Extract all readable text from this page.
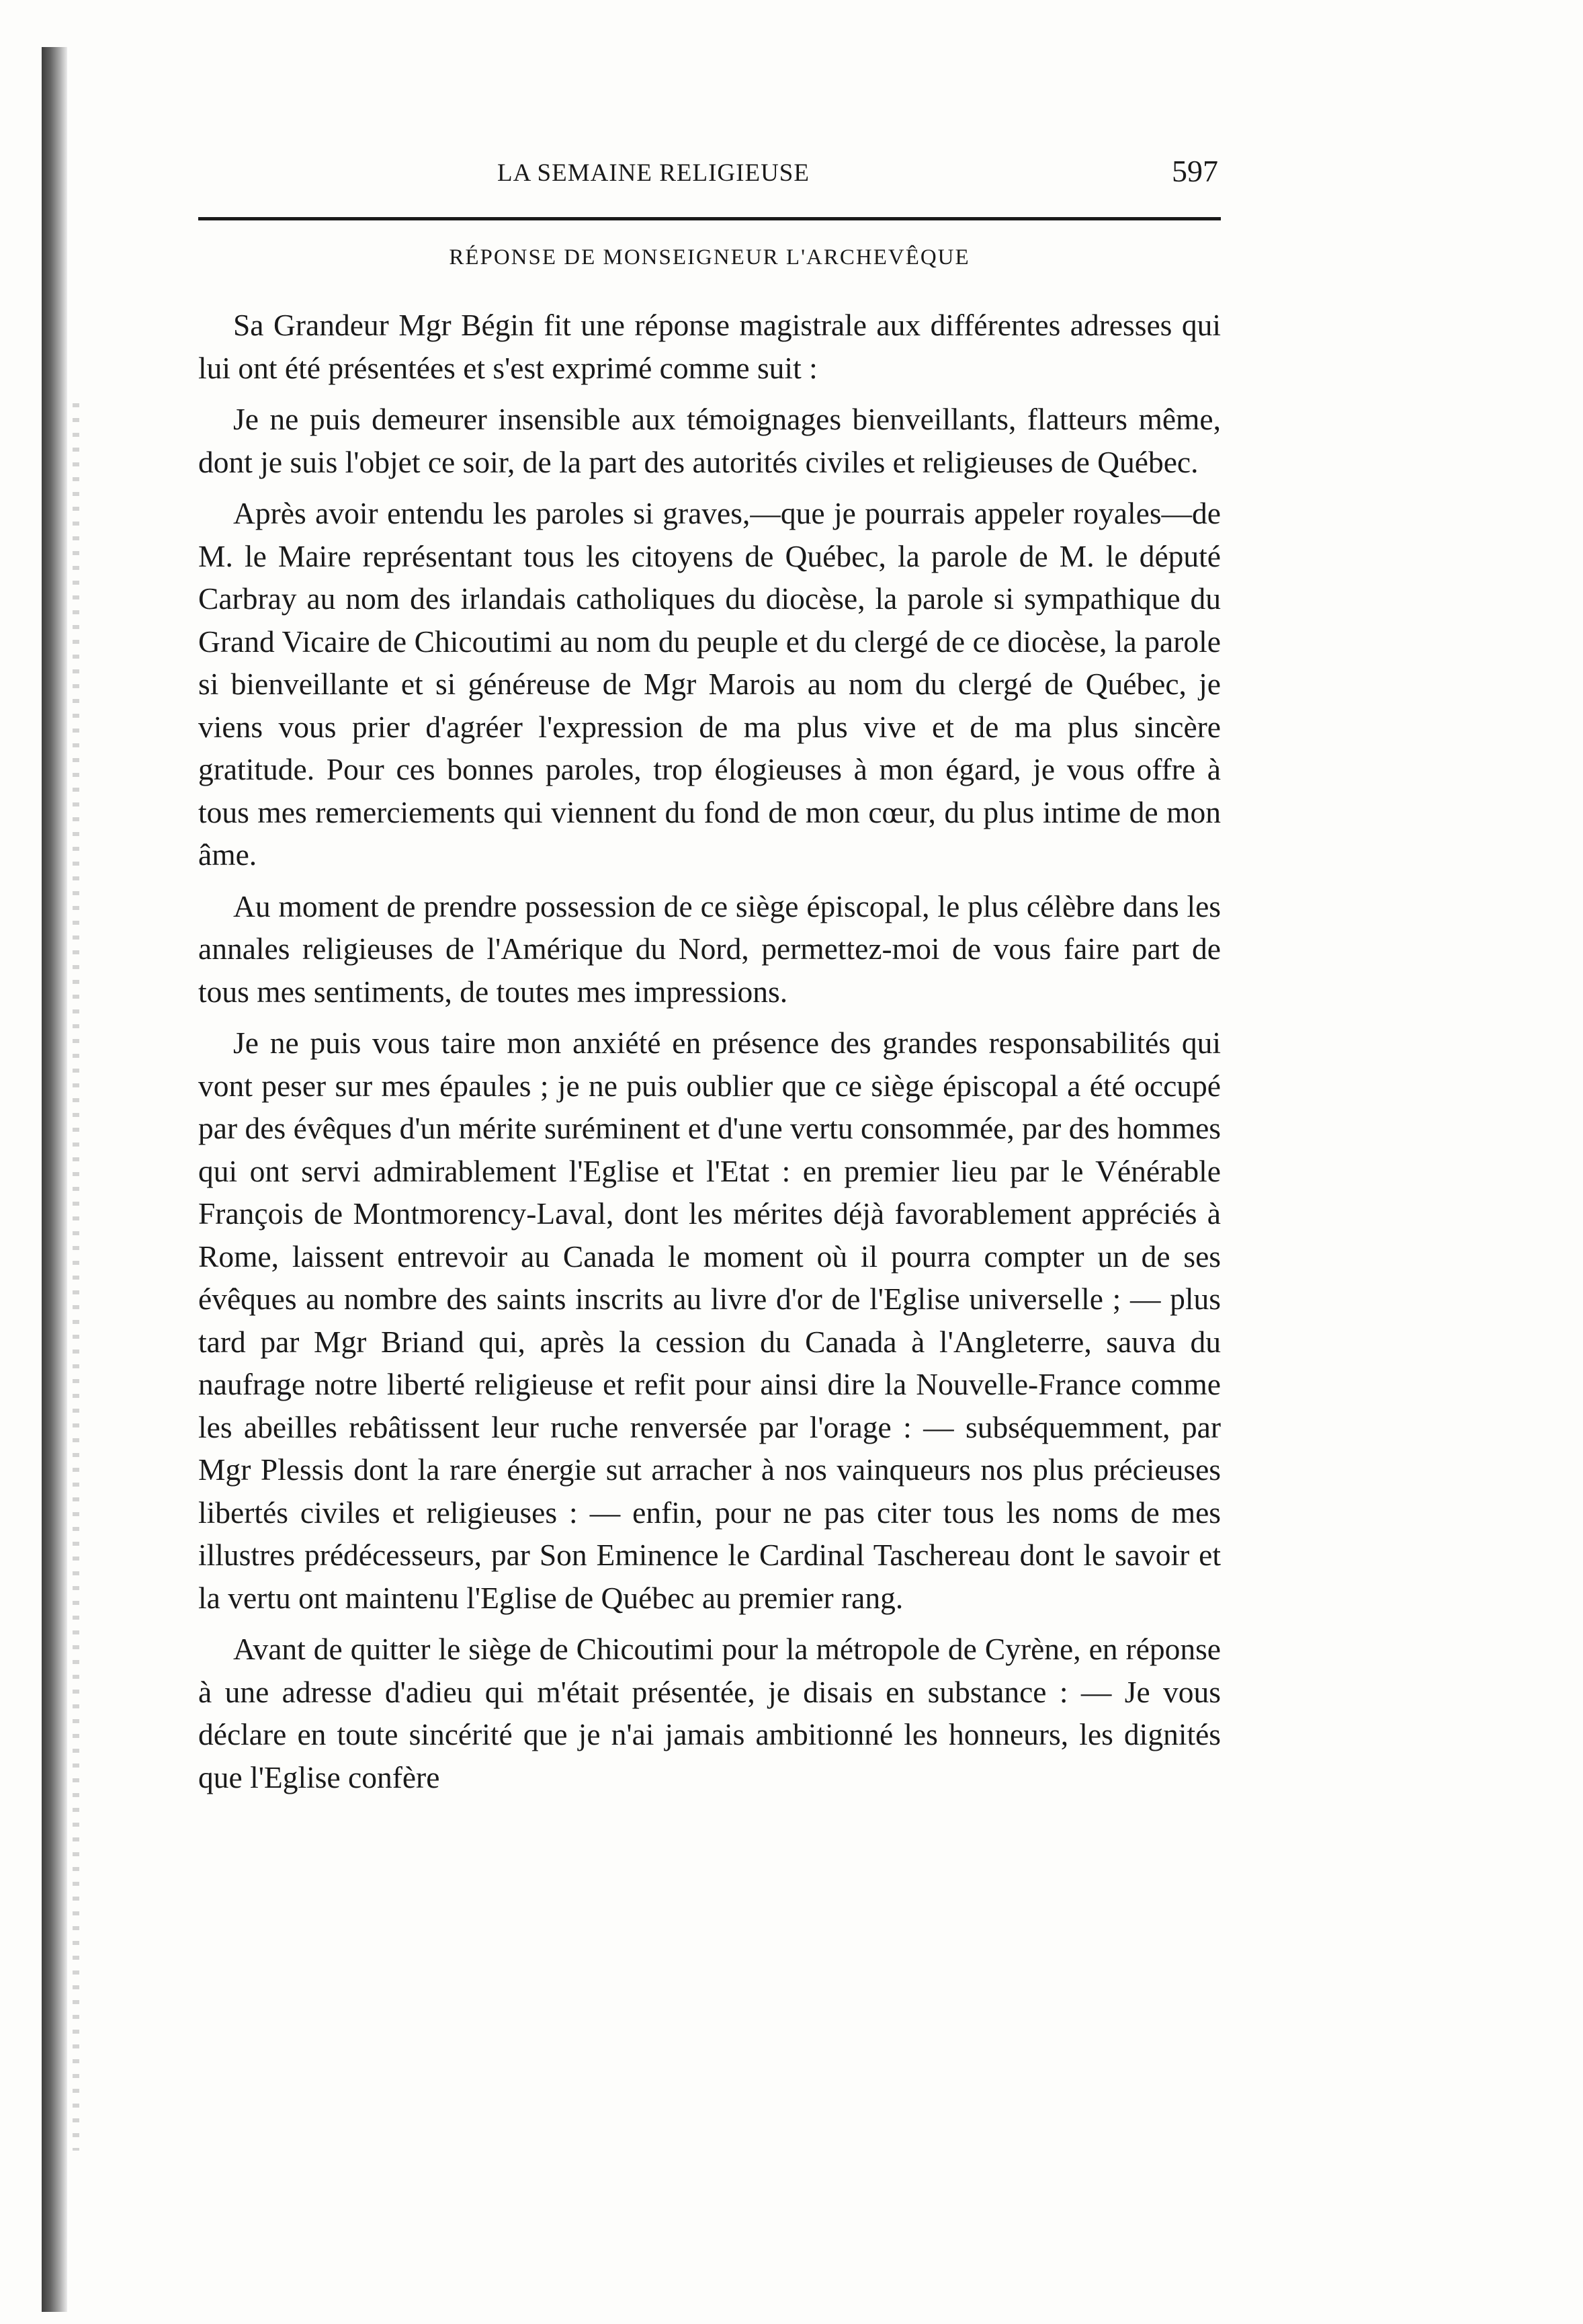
LA SEMAINE RELIGIEUSE	597
RÉPONSE DE MONSEIGNEUR L'ARCHEVÊQUE

Sa Grandeur Mgr Bégin fit une réponse magistrale aux différentes adresses qui lui ont été présentées et s'est exprimé comme suit :

Je ne puis demeurer insensible aux témoignages bienveillants, flatteurs même, dont je suis l'objet ce soir, de la part des autorités civiles et religieuses de Québec.

Après avoir entendu les paroles si graves,—que je pourrais appeler royales—de M. le Maire représentant tous les citoyens de Québec, la parole de M. le député Carbray au nom des irlandais catholiques du diocèse, la parole si sympathique du Grand Vicaire de Chicoutimi au nom du peuple et du clergé de ce diocèse, la parole si bienveillante et si généreuse de Mgr Marois au nom du clergé de Québec, je viens vous prier d'agréer l'expression de ma plus vive et de ma plus sincère gratitude. Pour ces bonnes paroles, trop élogieuses à mon égard, je vous offre à tous mes remerciements qui viennent du fond de mon cœur, du plus intime de mon âme.

Au moment de prendre possession de ce siège épiscopal, le plus célèbre dans les annales religieuses de l'Amérique du Nord, permettez-moi de vous faire part de tous mes sentiments, de toutes mes impressions.

Je ne puis vous taire mon anxiété en présence des grandes responsabilités qui vont peser sur mes épaules ; je ne puis oublier que ce siège épiscopal a été occupé par des évêques d'un mérite suréminent et d'une vertu consommée, par des hommes qui ont servi admirablement l'Eglise et l'Etat : en premier lieu par le Vénérable François de Montmorency-Laval, dont les mérites déjà favorablement appréciés à Rome, laissent entrevoir au Canada le moment où il pourra compter un de ses évêques au nombre des saints inscrits au livre d'or de l'Eglise universelle ; — plus tard par Mgr Briand qui, après la cession du Canada à l'Angleterre, sauva du naufrage notre liberté religieuse et refit pour ainsi dire la Nouvelle-France comme les abeilles rebâtissent leur ruche renversée par l'orage : — subséquemment, par Mgr Plessis dont la rare énergie sut arracher à nos vainqueurs nos plus précieuses libertés civiles et religieuses : — enfin, pour ne pas citer tous les noms de mes illustres prédécesseurs, par Son Eminence le Cardinal Taschereau dont le savoir et la vertu ont maintenu l'Eglise de Québec au premier rang.

Avant de quitter le siège de Chicoutimi pour la métropole de Cyrène, en réponse à une adresse d'adieu qui m'était présentée, je disais en substance : — Je vous déclare en toute sincérité que je n'ai jamais ambitionné les honneurs, les dignités que l'Eglise confère
